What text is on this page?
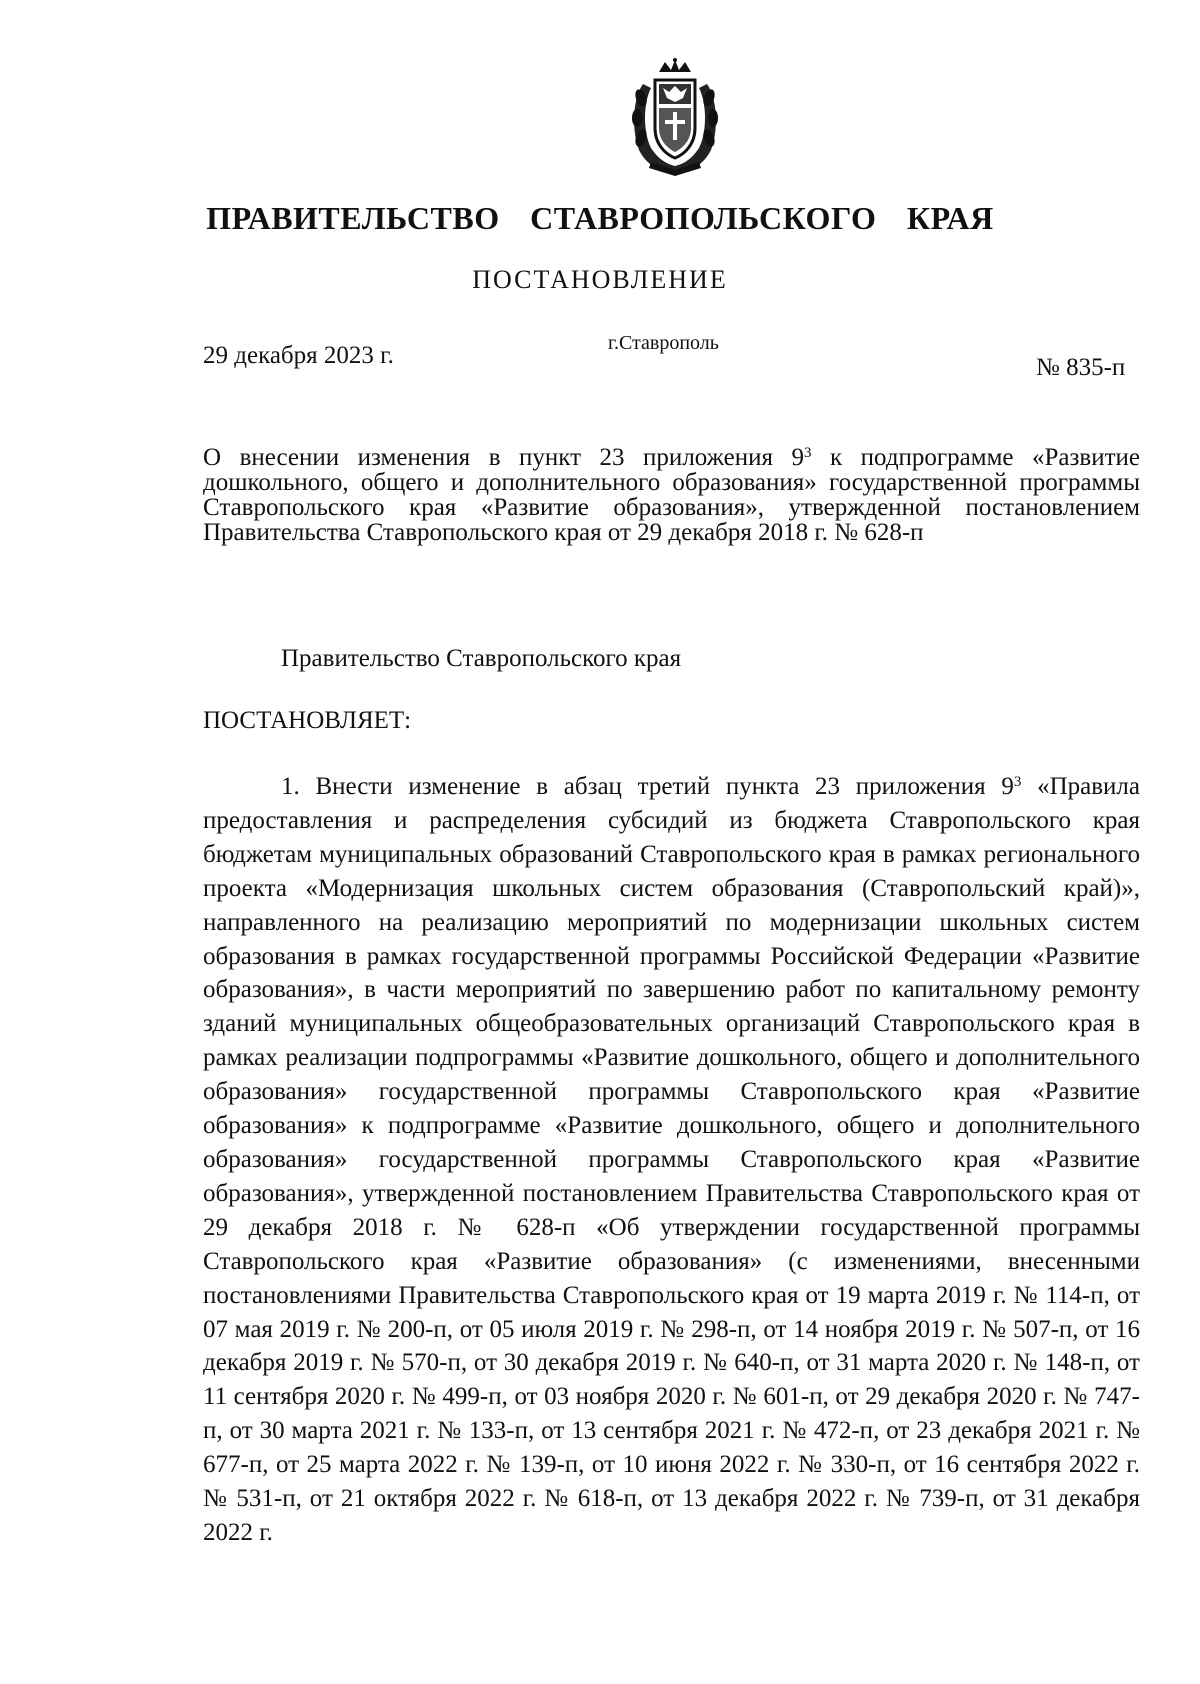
ПРАВИТЕЛЬСТВО СТАВРОПОЛЬСКОГО КРАЯ
ПОСТАНОВЛЕНИЕ
29 декабря 2023 г.	г.Ставрополь
№ 835-п
О внесении изменения в пункт 23 приложения $9^3$ к подпрограмме «Развитие дошкольного, общего и дополнительного образования» государственной программы Ставропольского края «Развитие образования», утвержденной постановлением Правительства Ставропольского края от 29 декабря 2018 г. № 628-п
Правительство Ставропольского края
ПОСТАНОВЛЯЕТ:
1. Внести изменение в абзац третий пункта 23 приложения $9^3$ «Правила предоставления и распределения субсидий из бюджета Ставропольского края бюджетам муниципальных образований Ставропольского края в рамках регионального проекта «Модернизация школьных систем образования (Ставропольский край)», направленного на реализацию мероприятий по модернизации школьных систем образования в рамках государственной программы Российской Федерации «Развитие образования», в части мероприятий по завершению работ по капитальному ремонту зданий муниципальных общеобразовательных организаций Ставропольского края в рамках реализации подпрограммы «Развитие дошкольного, общего и дополнительного образования» государственной программы Ставропольского края «Развитие образования» к подпрограмме «Развитие дошкольного, общего и дополнительного образования» государственной программы Ставропольского края «Развитие образования», утвержденной постановлением Правительства Ставропольского края от 29 декабря 2018 г. № 628-п «Об утверждении государственной программы Ставропольского края «Развитие образования» (с изменениями, внесенными постановлениями Правительства Ставропольского края от 19 марта 2019 г. № 114-п, от 07 мая 2019 г. № 200-п, от 05 июля 2019 г. № 298-п, от 14 ноября 2019 г. № 507-п, от 16 декабря 2019 г. № 570-п, от 30 декабря 2019 г. № 640-п, от 31 марта 2020 г. № 148-п, от 11 сентября 2020 г. № 499-п, от 03 ноября 2020 г. № 601-п, от 29 декабря 2020 г. № 747-п, от 30 марта 2021 г. № 133-п, от 13 сентября 2021 г. № 472-п, от 23 декабря 2021 г. № 677-п, от 25 марта 2022 г. № 139-п, от 10 июня 2022 г. № 330-п, от 16 сентября 2022 г. № 531-п, от 21 октября 2022 г. № 618-п, от 13 декабря 2022 г. № 739-п, от 31 декабря 2022 г.
